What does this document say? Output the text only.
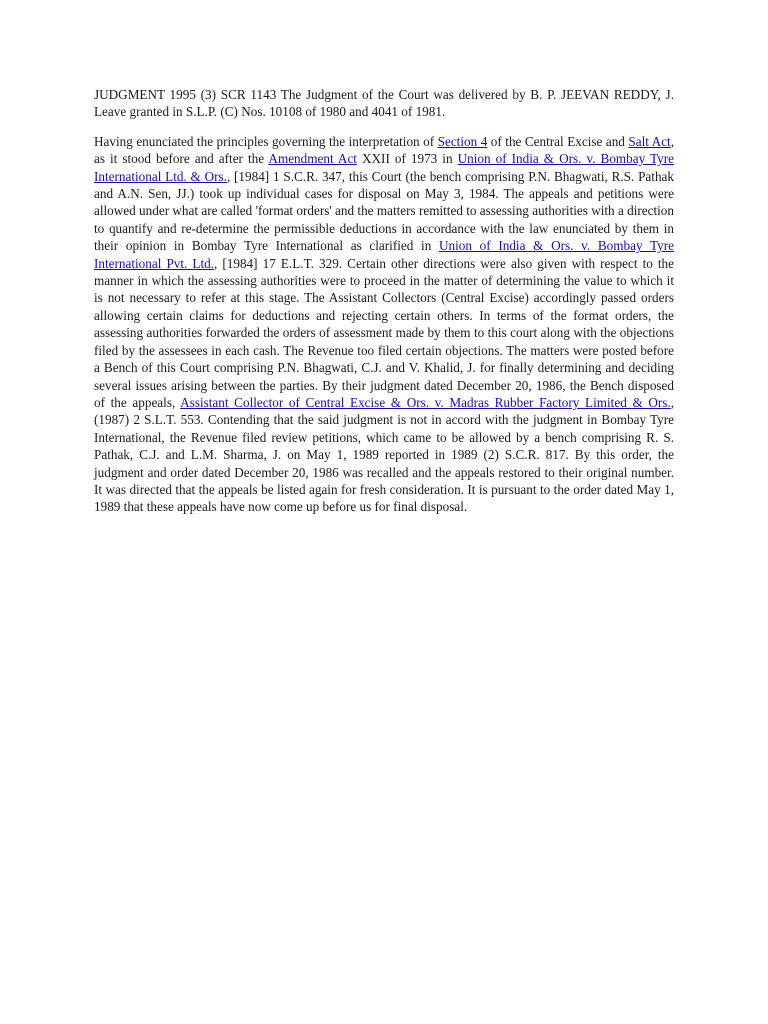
JUDGMENT 1995 (3) SCR 1143 The Judgment of the Court was delivered by B. P. JEEVAN REDDY, J. Leave granted in S.L.P. (C) Nos. 10108 of 1980 and 4041 of 1981.

Having enunciated the principles governing the interpretation of Section 4 of the Central Excise and Salt Act, as it stood before and after the Amendment Act XXII of 1973 in Union of India & Ors. v. Bombay Tyre International Ltd. & Ors., [1984] 1 S.C.R. 347, this Court (the bench comprising P.N. Bhagwati, R.S. Pathak and A.N. Sen, JJ.) took up individual cases for disposal on May 3, 1984. The appeals and petitions were allowed under what are called 'format orders' and the matters remitted to assessing authorities with a direction to quantify and re-determine the permissible deductions in accordance with the law enunciated by them in their opinion in Bombay Tyre International as clarified in Union of India & Ors. v. Bombay Tyre International Pvt. Ltd., [1984] 17 E.L.T. 329. Certain other directions were also given with respect to the manner in which the assessing authorities were to proceed in the matter of determining the value to which it is not necessary to refer at this stage. The Assistant Collectors (Central Excise) accordingly passed orders allowing certain claims for deductions and rejecting certain others. In terms of the format orders, the assessing authorities forwarded the orders of assessment made by them to this court along with the objections filed by the assessees in each cash. The Revenue too filed certain objections. The matters were posted before a Bench of this Court comprising P.N. Bhagwati, C.J. and V. Khalid, J. for finally determining and deciding several issues arising between the parties. By their judgment dated December 20, 1986, the Bench disposed of the appeals, Assistant Collector of Central Excise & Ors. v. Madras Rubber Factory Limited & Ors., (1987) 2 S.L.T. 553. Contending that the said judgment is not in accord with the judgment in Bombay Tyre International, the Revenue filed review petitions, which came to be allowed by a bench comprising R. S. Pathak, C.J. and L.M. Sharma, J. on May 1, 1989 reported in 1989 (2) S.C.R. 817. By this order, the judgment and order dated December 20, 1986 was recalled and the appeals restored to their original number. It was directed that the appeals be listed again for fresh consideration. It is pursuant to the order dated May 1, 1989 that these appeals have now come up before us for final disposal.
